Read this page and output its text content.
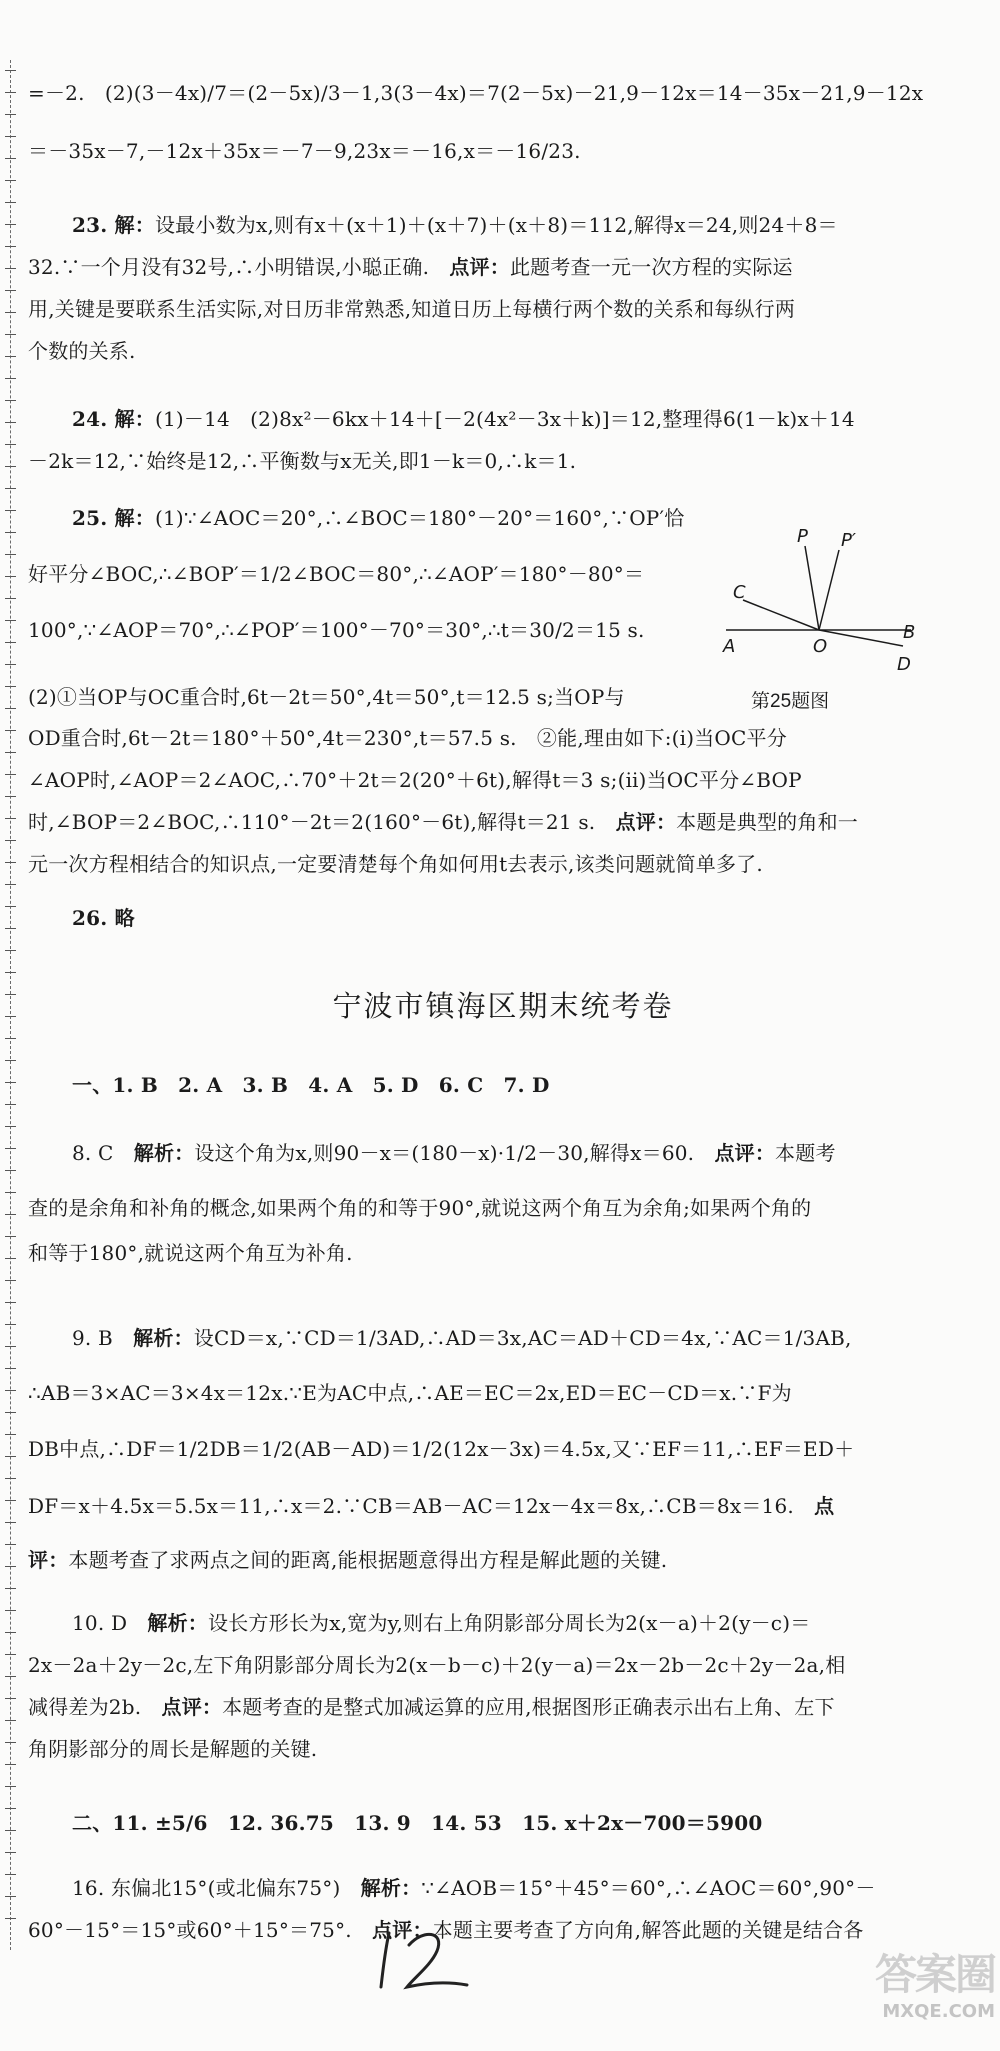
=－2.　(2)(3－4x)/7＝(2－5x)/3－1,3(3－4x)＝7(2－5x)－21,9－12x＝14－35x－21,9－12x
＝－35x－7,－12x＋35x＝－7－9,23x＝－16,x＝－16/23.
23. 解：设最小数为x,则有x＋(x＋1)＋(x＋7)＋(x＋8)＝112,解得x＝24,则24＋8＝
32.∵一个月没有32号,∴小明错误,小聪正确.　 点评：此题考查一元一次方程的实际运
用,关键是要联系生活实际,对日历非常熟悉,知道日历上每横行两个数的关系和每纵行两
个数的关系.
24. 解：(1)－14　(2)8x²－6kx＋14＋[－2(4x²－3x＋k)]＝12,整理得6(1－k)x＋14
－2k＝12,∵始终是12,∴平衡数与x无关,即1－k＝0,∴k＝1.
25. 解：(1)∵∠AOC＝20°,∴∠BOC＝180°－20°＝160°,∵OP′恰
好平分∠BOC,∴∠BOP′＝1/2∠BOC＝80°,∴∠AOP′＝180°－80°＝
100°,∵∠AOP＝70°,∴∠POP′＝100°－70°＝30°,∴t＝30/2＝15 s.
(2)①当OP与OC重合时,6t－2t＝50°,4t＝50°,t＝12.5 s;当OP与
OD重合时,6t－2t＝180°＋50°,4t＝230°,t＝57.5 s.　②能,理由如下:(ⅰ)当OC平分
∠AOP时,∠AOP＝2∠AOC,∴70°＋2t＝2(20°＋6t),解得t＝3 s;(ⅱ)当OC平分∠BOP
时,∠BOP＝2∠BOC,∴110°－2t＝2(160°－6t),解得t＝21 s.　 点评：本题是典型的角和一
元一次方程相结合的知识点,一定要清楚每个角如何用t去表示,该类问题就简单多了.
26. 略
P P′
C
A	O
B
D
第25题图
宁波市镇海区期末统考卷
一、1. B　2. A　3. B　4. A　5. D　6. C　7. D
8. C　 解析：设这个角为x,则90－x＝(180－x)·1/2－30,解得x＝60.　 点评：本题考
查的是余角和补角的概念,如果两个角的和等于90°,就说这两个角互为余角;如果两个角的
和等于180°,就说这两个角互为补角.
9. B　 解析：设CD＝x,∵CD＝1/3AD,∴AD＝3x,AC＝AD＋CD＝4x,∵AC＝1/3AB,
∴AB＝3×AC＝3×4x＝12x.∵E为AC中点,∴AE＝EC＝2x,ED＝EC－CD＝x.∵F为
DB中点,∴DF＝1/2DB＝1/2(AB－AD)＝1/2(12x－3x)＝4.5x,又∵EF＝11,∴EF＝ED＋
DF＝x＋4.5x＝5.5x＝11,∴x＝2.∵CB＝AB－AC＝12x－4x＝8x,∴CB＝8x＝16.　 点
评：本题考查了求两点之间的距离,能根据题意得出方程是解此题的关键.
10. D　 解析：设长方形长为x,宽为y,则右上角阴影部分周长为2(x－a)＋2(y－c)＝
2x－2a＋2y－2c,左下角阴影部分周长为2(x－b－c)＋2(y－a)＝2x－2b－2c＋2y－2a,相
减得差为2b.　 点评：本题考查的是整式加减运算的应用,根据图形正确表示出右上角、左下
角阴影部分的周长是解题的关键.
二、11. ±5/6　12. 36.75　13. 9　14. 53　15. x＋2x－700＝5900
16. 东偏北15°(或北偏东75°)　 解析：∵∠AOB＝15°＋45°＝60°,∴∠AOC＝60°,90°－
60°－15°＝15°或60°＋15°＝75°.　 点评：本题主要考查了方向角,解答此题的关键是结合各
答案圈
MXQE.COM
